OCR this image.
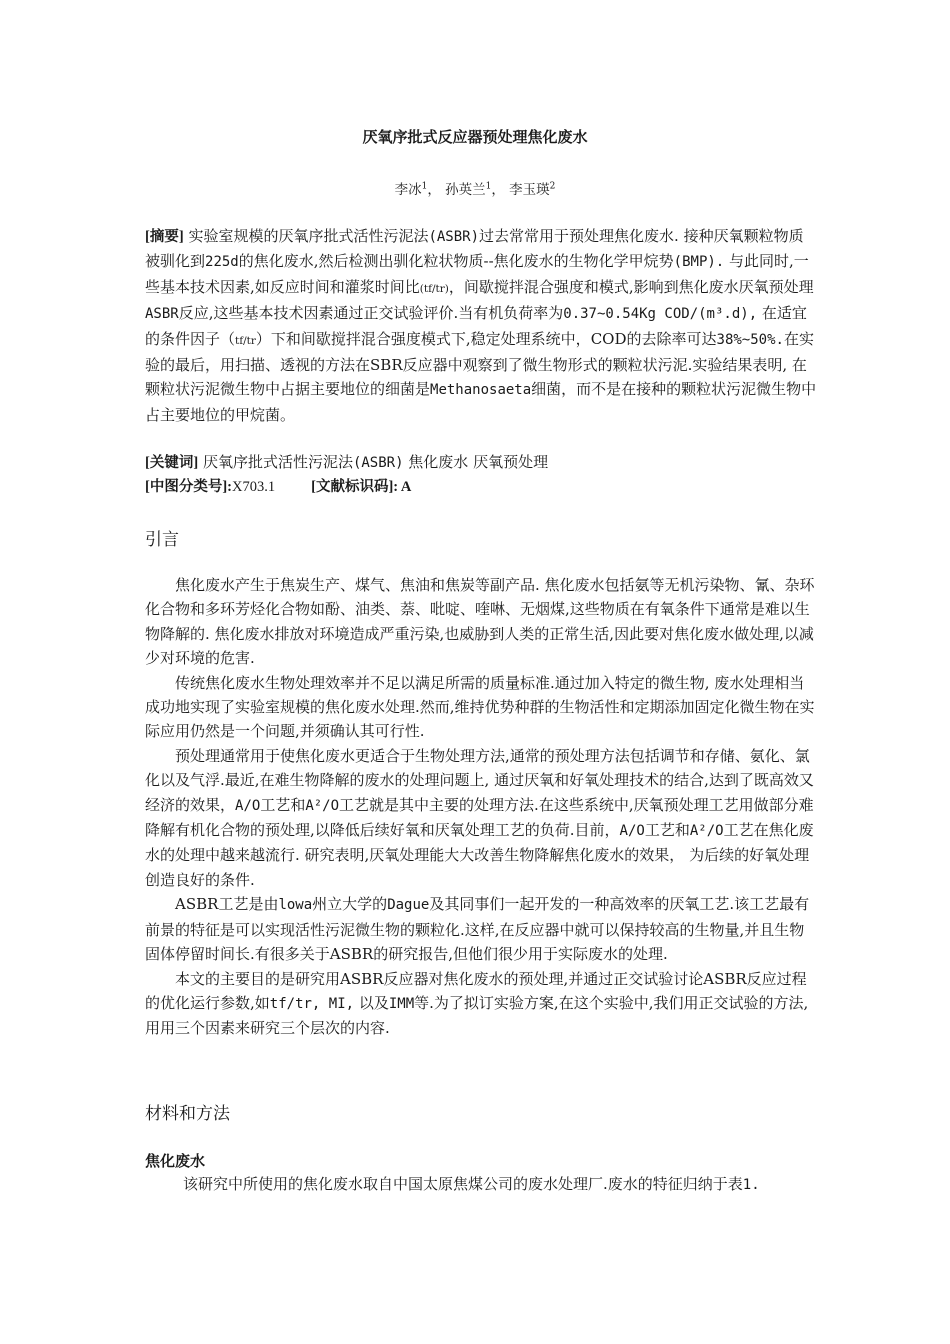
厌氧序批式反应器预处理焦化废水
李冰$^1$， 孙英兰$^1$， 李玉瑛$^2$
[摘要] 实验室规模的厌氧序批式活性污泥法(ASBR)过去常常用于预处理焦化废水. 接种厌氧颗粒物质被驯化到225d的焦化废水,然后检测出驯化粒状物质--焦化废水的生物化学甲烷势(BMP). 与此同时,一些基本技术因素,如反应时间和灌浆时间比(tf/tr)，间歇搅拌混合强度和模式,影响到焦化废水厌氧预处理ASBR反应,这些基本技术因素通过正交试验评价.当有机负荷率为0.37~0.54Kg COD/(m³.d), 在适宜的条件因子（tf/tr）下和间歇搅拌混合强度模式下,稳定处理系统中，COD的去除率可达38%~50%.在实验的最后，用扫描、透视的方法在SBR反应器中观察到了微生物形式的颗粒状污泥.实验结果表明, 在颗粒状污泥微生物中占据主要地位的细菌是Methanosaeta细菌，而不是在接种的颗粒状污泥微生物中占主要地位的甲烷菌。
[关键词] 厌氧序批式活性污泥法(ASBR) 焦化废水 厌氧预处理
[中图分类号]:X703.1 [文献标识码]: A
引言

焦化废水产生于焦炭生产、煤气、焦油和焦炭等副产品. 焦化废水包括氨等无机污染物、氰、杂环化合物和多环芳烃化合物如酚、油类、萘、吡啶、喹啉、无烟煤,这些物质在有氧条件下通常是难以生物降解的. 焦化废水排放对环境造成严重污染,也威胁到人类的正常生活,因此要对焦化废水做处理,以减少对环境的危害.

传统焦化废水生物处理效率并不足以满足所需的质量标准.通过加入特定的微生物, 废水处理相当成功地实现了实验室规模的焦化废水处理.然而,维持优势种群的生物活性和定期添加固定化微生物在实际应用仍然是一个问题,并须确认其可行性.

预处理通常用于使焦化废水更适合于生物处理方法,通常的预处理方法包括调节和存储、氨化、氯化以及气浮.最近,在难生物降解的废水的处理问题上, 通过厌氧和好氧处理技术的结合,达到了既高效又经济的效果，A/O工艺和A²/O工艺就是其中主要的处理方法.在这些系统中,厌氧预处理工艺用做部分难降解有机化合物的预处理,以降低后续好氧和厌氧处理工艺的负荷.目前，A/O工艺和A²/O工艺在焦化废水的处理中越来越流行. 研究表明,厌氧处理能大大改善生物降解焦化废水的效果， 为后续的好氧处理创造良好的条件.

ASBR工艺是由lowa州立大学的Dague及其同事们一起开发的一种高效率的厌氧工艺.该工艺最有前景的特征是可以实现活性污泥微生物的颗粒化.这样,在反应器中就可以保持较高的生物量,并且生物固体停留时间长.有很多关于ASBR的研究报告,但他们很少用于实际废水的处理.

本文的主要目的是研究用ASBR反应器对焦化废水的预处理,并通过正交试验讨论ASBR反应过程的优化运行参数,如tf/tr, MI, 以及IMM等.为了拟订实验方案,在这个实验中,我们用正交试验的方法,用用三个因素来研究三个层次的内容.

材料和方法
焦化废水

该研究中所使用的焦化废水取自中国太原焦煤公司的废水处理厂.废水的特征归纳于表1.
